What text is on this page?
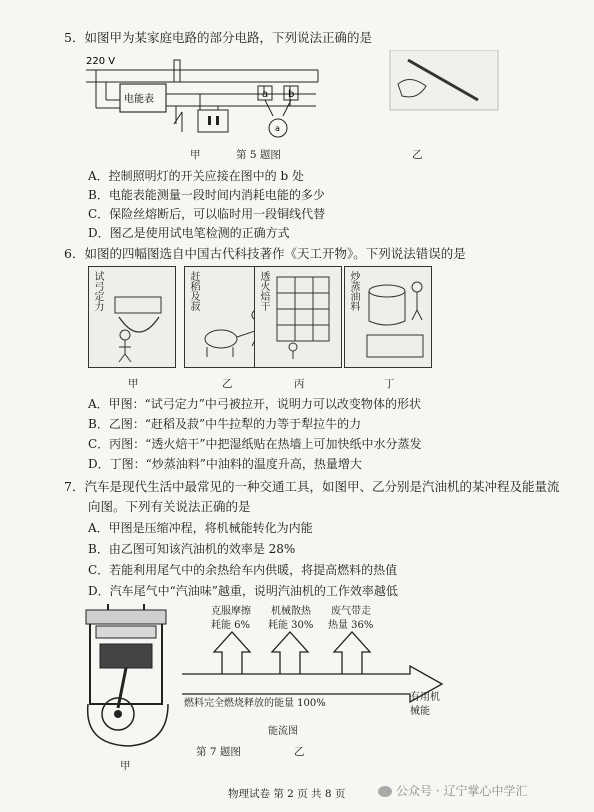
5．如图甲为某家庭电路的部分电路，下列说法正确的是
220 V
电能表	a b
a
甲	第 5 题图	乙
A．控制照明灯的开关应接在图中的 b 处
B．电能表能测量一段时间内消耗电能的多少
C．保险丝熔断后，可以临时用一段铜线代替
D．图乙是使用试电笔检测的正确方式
6．如图的四幅图选自中国古代科技著作《天工开物》。下列说法错误的是
试弓定力	赶稻及菽	透火焙干	炒蒸油料
甲	乙	丙	丁
A．甲图：“试弓定力”中弓被拉开，说明力可以改变物体的形状
B．乙图：“赶稻及菽”中牛拉犁的力等于犁拉牛的力
C．丙图：“透火焙干”中把湿纸贴在热墙上可加快纸中水分蒸发
D．丁图：“炒蒸油料”中油料的温度升高，热量增大
7．汽车是现代生活中最常见的一种交通工具，如图甲、乙分别是汽油机的某冲程及能量流
向图。下列有关说法正确的是
A．甲图是压缩冲程，将机械能转化为内能
B．由乙图可知该汽油机的效率是 28%
C．若能利用尾气中的余热给车内供暖，将提高燃料的热值
D．汽车尾气中“汽油味”越重，说明汽油机的工作效率越低
克服摩擦
耗能 6%
机械散热
耗能 30%
废气带走
热量 36%
燃料完全燃烧释放的能量 100%
有用机械能
能流图
甲
第 7 题图	乙
物理试卷 第 2 页 共 8 页	公众号 · 辽宁掌心中学汇
